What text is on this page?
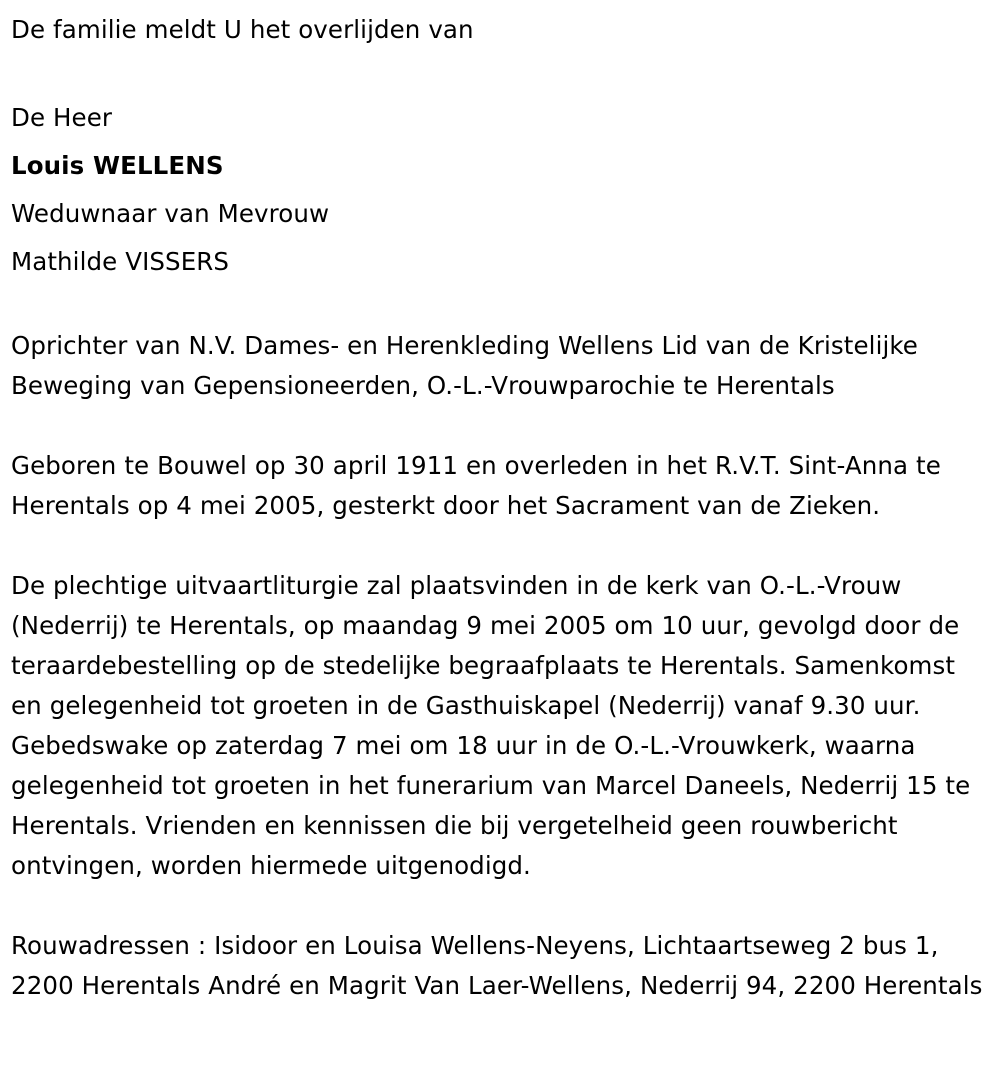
De familie meldt U het overlijden van

De Heer

Louis WELLENS

Weduwnaar van Mevrouw

Mathilde VISSERS

Oprichter van N.V. Dames- en Herenkleding Wellens Lid van de Kristelijke Beweging van Gepensioneerden, O.-L.-Vrouwparochie te Herentals

Geboren te Bouwel op 30 april 1911 en overleden in het R.V.T. Sint-Anna te Herentals op 4 mei 2005, gesterkt door het Sacrament van de Zieken.

De plechtige uitvaartliturgie zal plaatsvinden in de kerk van O.-L.-Vrouw (Nederrij) te Herentals, op maandag 9 mei 2005 om 10 uur, gevolgd door de teraardebestelling op de stedelijke begraafplaats te Herentals. Samenkomst en gelegenheid tot groeten in de Gasthuiskapel (Nederrij) vanaf 9.30 uur. Gebedswake op zaterdag 7 mei om 18 uur in de O.-L.-Vrouwkerk, waarna gelegenheid tot groeten in het funerarium van Marcel Daneels, Nederrij 15 te Herentals. Vrienden en kennissen die bij vergetelheid geen rouwbericht ontvingen, worden hiermede uitgenodigd.

Rouwadressen : Isidoor en Louisa Wellens-Neyens, Lichtaartseweg 2 bus 1, 2200 Herentals André en Magrit Van Laer-Wellens, Nederrij 94, 2200 Herentals
